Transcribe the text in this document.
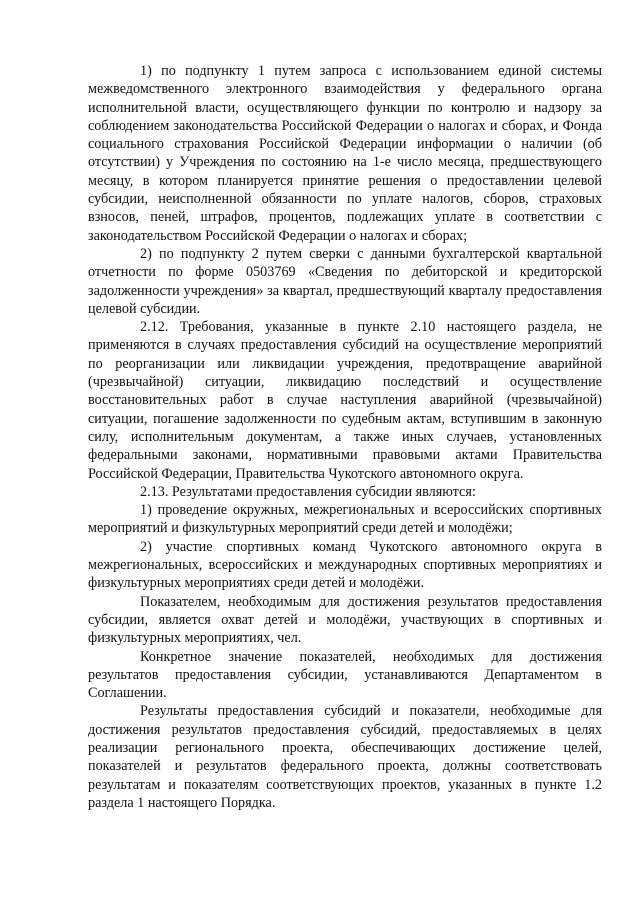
1) по подпункту 1 путем запроса с использованием единой системы межведомственного электронного взаимодействия у федерального органа исполнительной власти, осуществляющего функции по контролю и надзору за соблюдением законодательства Российской Федерации о налогах и сборах, и Фонда социального страхования Российской Федерации информации о наличии (об отсутствии) у Учреждения по состоянию на 1-е число месяца, предшествующего месяцу, в котором планируется принятие решения о предоставлении целевой субсидии, неисполненной обязанности по уплате налогов, сборов, страховых взносов, пеней, штрафов, процентов, подлежащих уплате в соответствии с законодательством Российской Федерации о налогах и сборах;

2) по подпункту 2 путем сверки с данными бухгалтерской квартальной отчетности по форме 0503769 «Сведения по дебиторской и кредиторской задолженности учреждения» за квартал, предшествующий кварталу предоставления целевой субсидии.

2.12. Требования, указанные в пункте 2.10 настоящего раздела, не применяются в случаях предоставления субсидий на осуществление мероприятий по реорганизации или ликвидации учреждения, предотвращение аварийной (чрезвычайной) ситуации, ликвидацию последствий и осуществление восстановительных работ в случае наступления аварийной (чрезвычайной) ситуации, погашение задолженности по судебным актам, вступившим в законную силу, исполнительным документам, а также иных случаев, установленных федеральными законами, нормативными правовыми актами Правительства Российской Федерации, Правительства Чукотского автономного округа.

2.13. Результатами предоставления субсидии являются:

1) проведение окружных, межрегиональных и всероссийских спортивных мероприятий и физкультурных мероприятий среди детей и молодёжи;

2) участие спортивных команд Чукотского автономного округа в межрегиональных, всероссийских и международных спортивных мероприятиях и физкультурных мероприятиях среди детей и молодёжи.

Показателем, необходимым для достижения результатов предоставления субсидии, является охват детей и молодёжи, участвующих в спортивных и физкультурных мероприятиях, чел.

Конкретное значение показателей, необходимых для достижения результатов предоставления субсидии, устанавливаются Департаментом в Соглашении.

Результаты предоставления субсидий и показатели, необходимые для достижения результатов предоставления субсидий, предоставляемых в целях реализации регионального проекта, обеспечивающих достижение целей, показателей и результатов федерального проекта, должны соответствовать результатам и показателям соответствующих проектов, указанных в пункте 1.2 раздела 1 настоящего Порядка.
